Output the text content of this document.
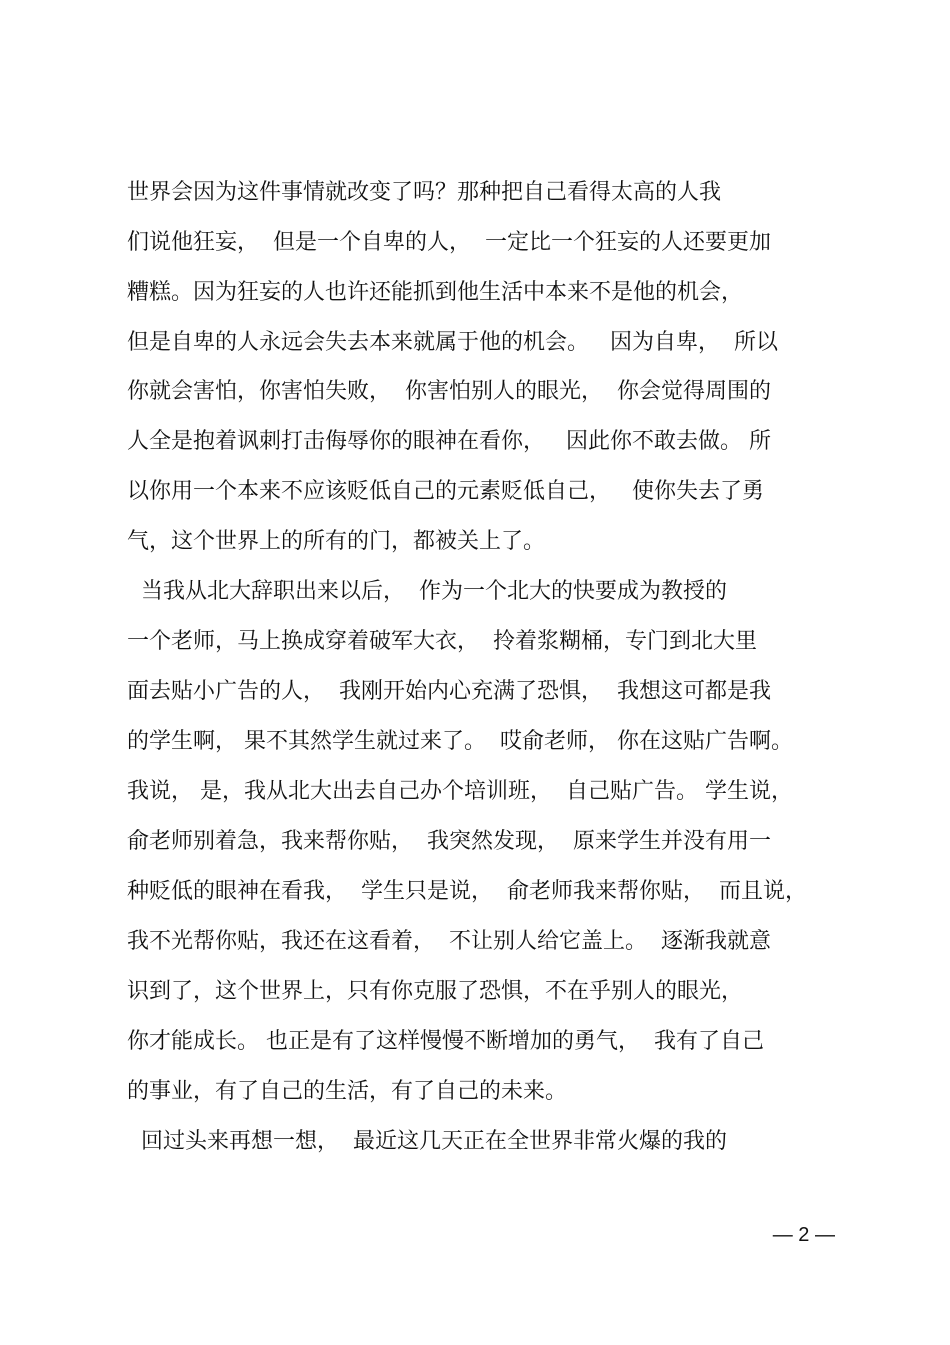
世界会因为这件事情就改变了吗？那种把自己看得太高的人我
们说他狂妄，  但是一个自卑的人，  一定比一个狂妄的人还要更加
糟糕。因为狂妄的人也许还能抓到他生活中本来不是他的机会，
但是自卑的人永远会失去本来就属于他的机会。   因为自卑，  所以
你就会害怕，你害怕失败，  你害怕别人的眼光，  你会觉得周围的
人全是抱着讽刺打击侮辱你的眼神在看你，   因此你不敢去做。 所
以你用一个本来不应该贬低自己的元素贬低自己，   使你失去了勇
气，这个世界上的所有的门，都被关上了。
当我从北大辞职出来以后，  作为一个北大的快要成为教授的
一个老师，马上换成穿着破军大衣，  拎着浆糊桶，专门到北大里
面去贴小广告的人，  我刚开始内心充满了恐惧，  我想这可都是我
的学生啊， 果不其然学生就过来了。  哎俞老师， 你在这贴广告啊。
我说， 是，我从北大出去自己办个培训班，  自己贴广告。 学生说，
俞老师别着急，我来帮你贴，  我突然发现，  原来学生并没有用一
种贬低的眼神在看我，  学生只是说，  俞老师我来帮你贴，  而且说，
我不光帮你贴，我还在这看着，  不让别人给它盖上。  逐渐我就意
识到了，这个世界上，只有你克服了恐惧，不在乎别人的眼光，
你才能成长。 也正是有了这样慢慢不断增加的勇气，  我有了自己
的事业，有了自己的生活，有了自己的未来。
回过头来再想一想，  最近这几天正在全世界非常火爆的我的
— 2 —
